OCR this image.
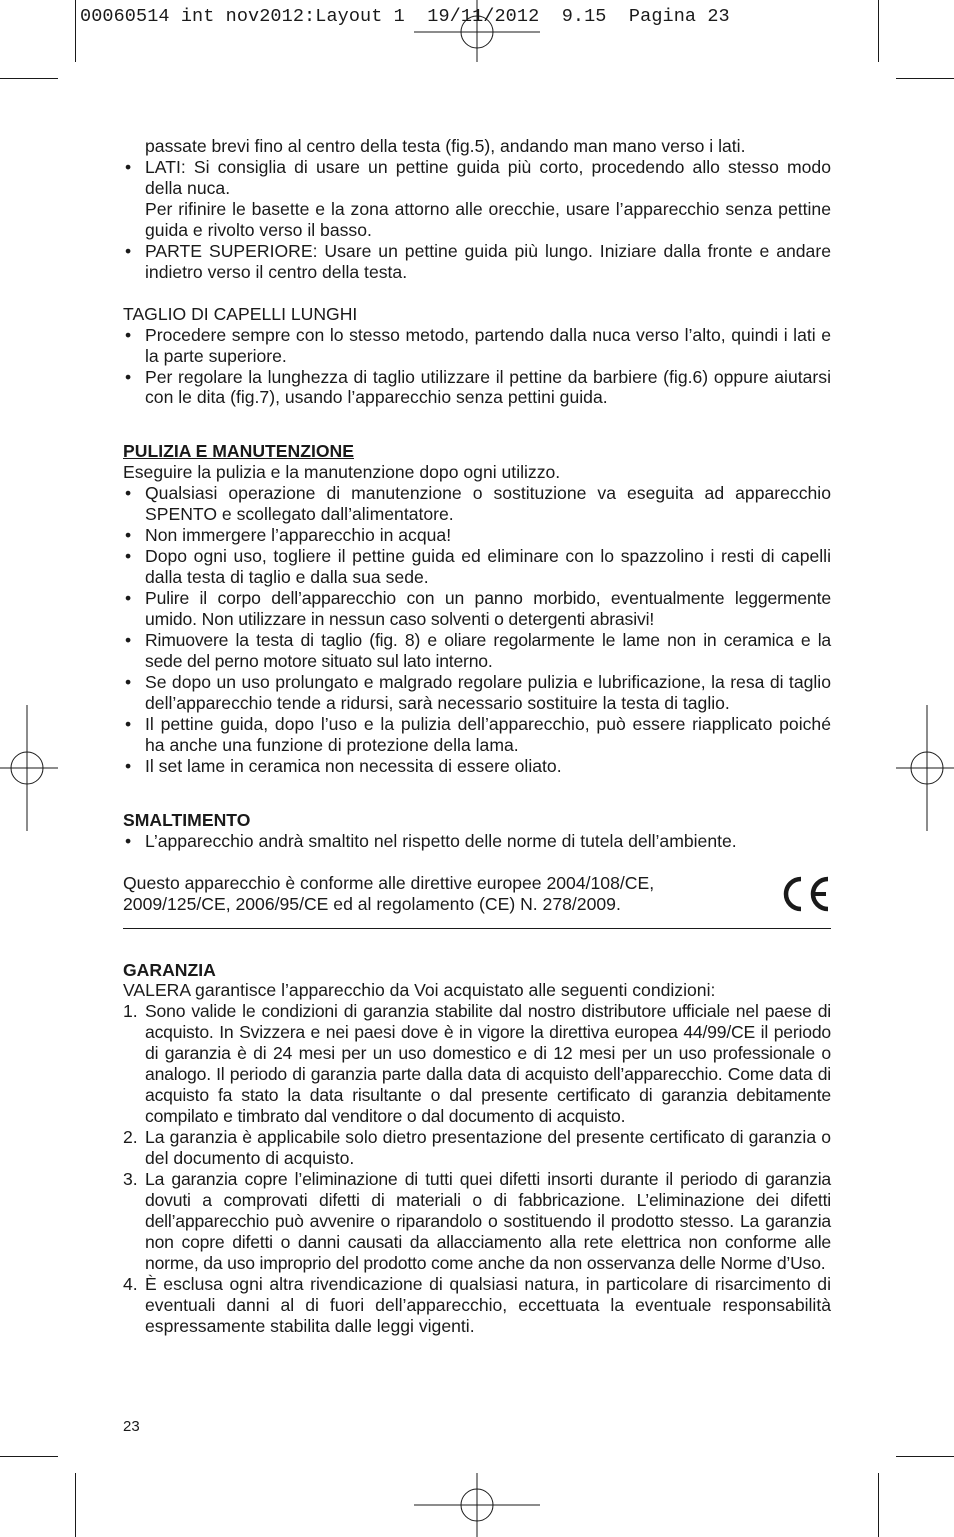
00060514 int nov2012:Layout 1 19/11/2012 9.15 Pagina 23

passate brevi fino al centro della testa (fig.5), andando man mano verso i lati.

• LATI: Si consiglia di usare un pettine guida più corto, procedendo allo stesso modo della nuca.

Per rifinire le basette e la zona attorno alle orecchie, usare l’apparecchio senza pettine guida e rivolto verso il basso.

• PARTE SUPERIORE: Usare un pettine guida più lungo. Iniziare dalla fronte e andare indietro verso il centro della testa.

TAGLIO DI CAPELLI LUNGHI

• Procedere sempre con lo stesso metodo, partendo dalla nuca verso l’alto, quindi i lati e la parte superiore.

• Per regolare la lunghezza di taglio utilizzare il pettine da barbiere (fig.6) oppure aiutarsi con le dita (fig.7), usando l’apparecchio senza pettini guida.

PULIZIA E MANUTENZIONE

Eseguire la pulizia e la manutenzione dopo ogni utilizzo.

• Qualsiasi operazione di manutenzione o sostituzione va eseguita ad apparecchio SPENTO e scollegato dall’alimentatore.

• Non immergere l’apparecchio in acqua!

• Dopo ogni uso, togliere il pettine guida ed eliminare con lo spazzolino i resti di capelli dalla testa di taglio e dalla sua sede.

• Pulire il corpo dell’apparecchio con un panno morbido, eventualmente leggermente umido. Non utilizzare in nessun caso solventi o detergenti abrasivi!

• Rimuovere la testa di taglio (fig. 8) e oliare regolarmente le lame non in ceramica e la sede del perno motore situato sul lato interno.

• Se dopo un uso prolungato e malgrado regolare pulizia e lubrificazione, la resa di taglio dell’apparecchio tende a ridursi, sarà necessario sostituire la testa di taglio.

• Il pettine guida, dopo l’uso e la pulizia dell’apparecchio, può essere riapplicato poiché ha anche una funzione di protezione della lama.

• Il set lame in ceramica non necessita di essere oliato.

SMALTIMENTO

• L’apparecchio andrà smaltito nel rispetto delle norme di tutela dell’ambiente.

Questo apparecchio è conforme alle direttive europee 2004/108/CE,

2009/125/CE, 2006/95/CE ed al regolamento (CE) N. 278/2009.

GARANZIA

VALERA garantisce l’apparecchio da Voi acquistato alle seguenti condizioni:

1. Sono valide le condizioni di garanzia stabilite dal nostro distributore ufficiale nel paese di acquisto. In Svizzera e nei paesi dove è in vigore la direttiva europea 44/99/CE il periodo di garanzia è di 24 mesi per un uso domestico e di 12 mesi per un uso professionale o analogo. Il periodo di garanzia parte dalla data di acquisto dell’apparecchio. Come data di acquisto fa stato la data risultante o dal presente certificato di garanzia debitamente compilato e timbrato dal venditore o dal documento di acquisto.

2. La garanzia è applicabile solo dietro presentazione del presente certificato di garanzia o del documento di acquisto.

3. La garanzia copre l’eliminazione di tutti quei difetti insorti durante il periodo di garanzia dovuti a comprovati difetti di materiali o di fabbricazione. L’eliminazione dei difetti dell’apparecchio può avvenire o riparandolo o sostituendo il prodotto stesso. La garanzia non copre difetti o danni causati da allacciamento alla rete elettrica non conforme alle norme, da uso improprio del prodotto come anche da non osservanza delle Norme d’Uso.

4. È esclusa ogni altra rivendicazione di qualsiasi natura, in particolare di risarcimento di eventuali danni al di fuori dell’apparecchio, eccettuata la eventuale responsabilità espressamente stabilita dalle leggi vigenti.

23
